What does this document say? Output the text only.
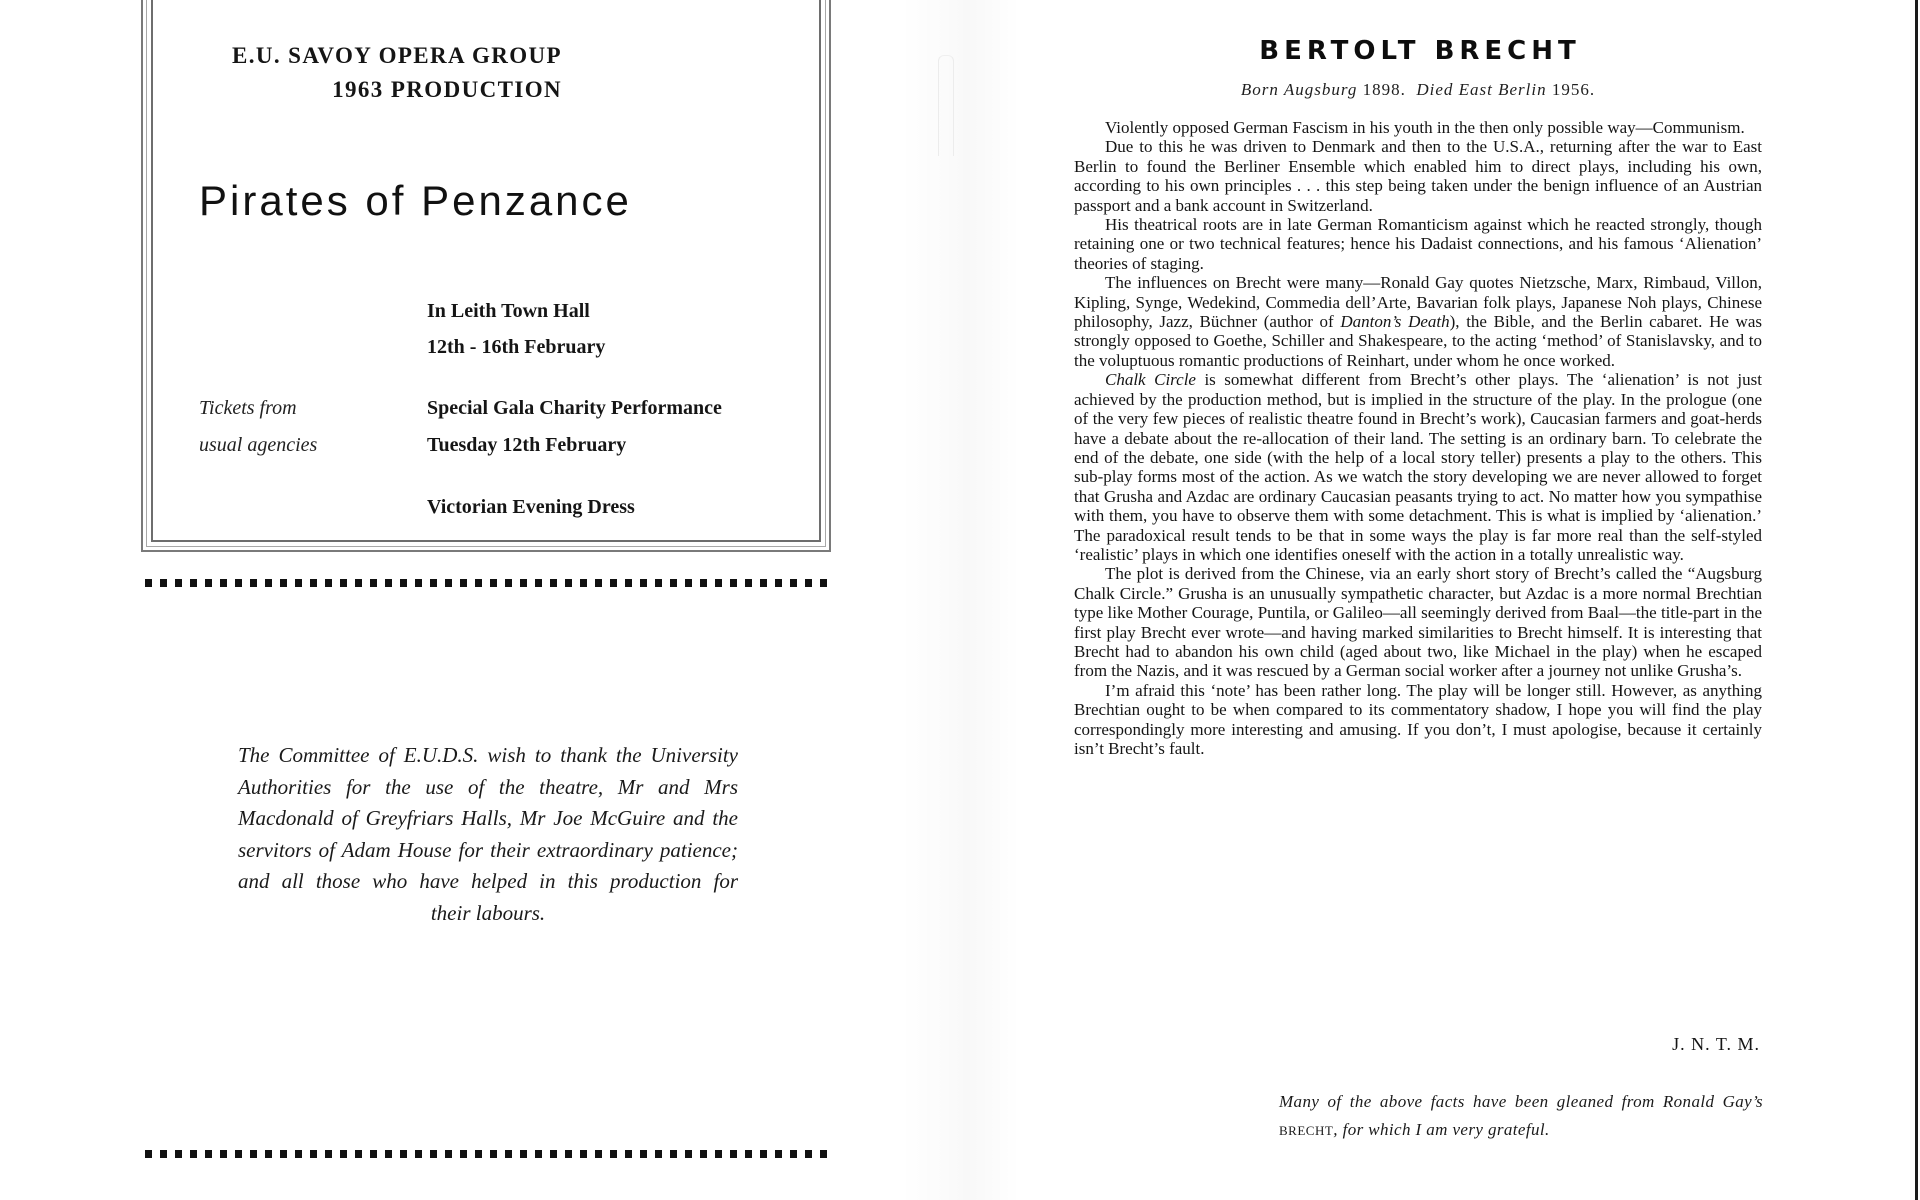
E.U. SAVOY OPERA GROUP
1963 PRODUCTION
Pirates of Penzance
In Leith Town Hall
12th - 16th February
Tickets from
usual agencies
Special Gala Charity Performance
Tuesday 12th February
Victorian Evening Dress
The Committee of E.U.D.S. wish to thank the University Authorities for the use of the theatre, Mr and Mrs Macdonald of Greyfriars Halls, Mr Joe McGuire and the servitors of Adam House for their extraordinary patience; and all those who have helped in this production for
their labours.
BERTOLT BRECHT
Born Augsburg 1898. Died East Berlin 1956.

Violently opposed German Fascism in his youth in the then only possible way—Communism.

Due to this he was driven to Denmark and then to the U.S.A., returning after the war to East Berlin to found the Berliner Ensemble which enabled him to direct plays, including his own, according to his own principles . . . this step being taken under the benign influence of an Austrian passport and a bank account in Switzerland.

His theatrical roots are in late German Romanticism against which he reacted strongly, though retaining one or two technical features; hence his Dadaist connections, and his famous ‘Alienation’ theories of staging.

The influences on Brecht were many—Ronald Gay quotes Nietzsche, Marx, Rimbaud, Villon, Kipling, Synge, Wedekind, Commedia dell’Arte, Bavarian folk plays, Japanese Noh plays, Chinese philosophy, Jazz, Büchner (author of Danton’s Death), the Bible, and the Berlin cabaret. He was strongly opposed to Goethe, Schiller and Shakespeare, to the acting ‘method’ of Stanislavsky, and to the voluptuous romantic productions of Reinhart, under whom he once worked.

Chalk Circle is somewhat different from Brecht’s other plays. The ‘alienation’ is not just achieved by the production method, but is implied in the structure of the play. In the prologue (one of the very few pieces of realistic theatre found in Brecht’s work), Caucasian farmers and goat-herds have a debate about the re-allocation of their land. The setting is an ordinary barn. To celebrate the end of the debate, one side (with the help of a local story teller) presents a play to the others. This sub-play forms most of the action. As we watch the story developing we are never allowed to forget that Grusha and Azdac are ordinary Caucasian peasants trying to act. No matter how you sympathise with them, you have to observe them with some detachment. This is what is implied by ‘alienation.’ The paradoxical result tends to be that in some ways the play is far more real than the self-styled ‘realistic’ plays in which one identifies oneself with the action in a totally unrealistic way.

The plot is derived from the Chinese, via an early short story of Brecht’s called the “Augsburg Chalk Circle.” Grusha is an unusually sympathetic character, but Azdac is a more normal Brechtian type like Mother Courage, Puntila, or Galileo—all seemingly derived from Baal—the title-part in the first play Brecht ever wrote—and having marked similarities to Brecht himself. It is interesting that Brecht had to abandon his own child (aged about two, like Michael in the play) when he escaped from the Nazis, and it was rescued by a German social worker after a journey not unlike Grusha’s.

I’m afraid this ‘note’ has been rather long. The play will be longer still. However, as anything Brechtian ought to be when compared to its commentatory shadow, I hope you will find the play correspondingly more interesting and amusing. If you don’t, I must apologise, because it certainly isn’t Brecht’s fault.

J. N. T. M.
Many of the above facts have been gleaned from Ronald Gay’s BRECHT, for which I am very grateful.
